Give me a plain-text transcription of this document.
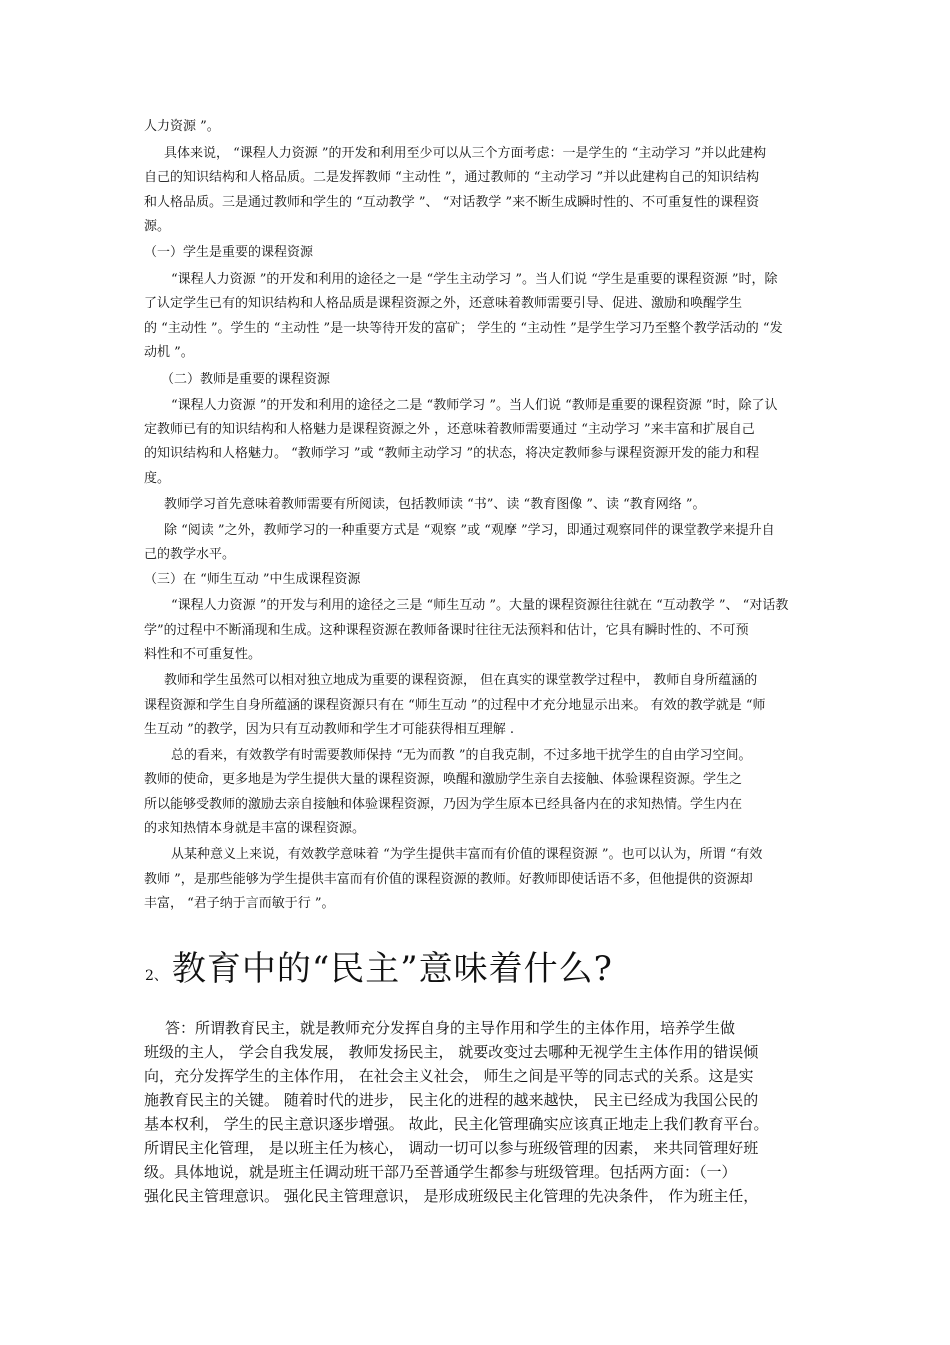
人力资源 ”。
具体来说， “课程人力资源 ”的开发和利用至少可以从三个方面考虑：一是学生的 “主动学习 ”并以此建构
自己的知识结构和人格品质。二是发挥教师 “主动性 ”，通过教师的 “主动学习 ”并以此建构自己的知识结构
和人格品质。三是通过教师和学生的 “互动教学 ”、 “对话教学 ”来不断生成瞬时性的、不可重复性的课程资
源。
（一）学生是重要的课程资源
“课程人力资源 ”的开发和利用的途径之一是 “学生主动学习 ”。当人们说 “学生是重要的课程资源 ”时，除
了认定学生已有的知识结构和人格品质是课程资源之外，还意味着教师需要引导、促进、激励和唤醒学生
的 “主动性 ”。学生的 “主动性 ”是一块等待开发的富矿； 学生的 “主动性 ”是学生学习乃至整个教学活动的 “发
动机 ”。
（二）教师是重要的课程资源
“课程人力资源 ”的开发和利用的途径之二是 “教师学习 ”。当人们说 “教师是重要的课程资源 ”时，除了认
定教师已有的知识结构和人格魅力是课程资源之外 ，还意味着教师需要通过 “主动学习 ”来丰富和扩展自己
的知识结构和人格魅力。 “教师学习 ”或 “教师主动学习 ”的状态，将决定教师参与课程资源开发的能力和程
度。
教师学习首先意味着教师需要有所阅读，包括教师读 “书”、读 “教育图像 ”、读 “教育网络 ”。
除 “阅读 ”之外，教师学习的一种重要方式是 “观察 ”或 “观摩 ”学习，即通过观察同伴的课堂教学来提升自
己的教学水平。
（三）在 “师生互动 ”中生成课程资源
“课程人力资源 ”的开发与利用的途径之三是 “师生互动 ”。大量的课程资源往往就在 “互动教学 ”、 “对话教
学”的过程中不断涌现和生成。这种课程资源在教师备课时往往无法预料和估计，它具有瞬时性的、不可预
料性和不可重复性。
教师和学生虽然可以相对独立地成为重要的课程资源， 但在真实的课堂教学过程中， 教师自身所蕴涵的
课程资源和学生自身所蕴涵的课程资源只有在 “师生互动 ”的过程中才充分地显示出来。 有效的教学就是 “师
生互动 ”的教学，因为只有互动教师和学生才可能获得相互理解 .
总的看来，有效教学有时需要教师保持 “无为而教 ”的自我克制，不过多地干扰学生的自由学习空间。
教师的使命，更多地是为学生提供大量的课程资源，唤醒和激励学生亲自去接触、体验课程资源。学生之
所以能够受教师的激励去亲自接触和体验课程资源，乃因为学生原本已经具备内在的求知热情。学生内在
的求知热情本身就是丰富的课程资源。
从某种意义上来说，有效教学意味着 “为学生提供丰富而有价值的课程资源 ”。也可以认为，所谓 “有效
教师 ”，是那些能够为学生提供丰富而有价值的课程资源的教师。好教师即使话语不多，但他提供的资源却
丰富， “君子纳于言而敏于行 ”。
2、 教育中的“民主”意味着什么?
答：所谓教育民主，就是教师充分发挥自身的主导作用和学生的主体作用，培养学生做
班级的主人， 学会自我发展， 教师发扬民主， 就要改变过去哪种无视学生主体作用的错误倾
向，充分发挥学生的主体作用， 在社会主义社会， 师生之间是平等的同志式的关系。这是实
施教育民主的关键。 随着时代的进步， 民主化的进程的越来越快， 民主已经成为我国公民的
基本权利， 学生的民主意识逐步增强。 故此，民主化管理确实应该真正地走上我们教育平台。
所谓民主化管理， 是以班主任为核心， 调动一切可以参与班级管理的因素， 来共同管理好班
级。具体地说，就是班主任调动班干部乃至普通学生都参与班级管理。包括两方面：（一）
强化民主管理意识。 强化民主管理意识， 是形成班级民主化管理的先决条件， 作为班主任，
